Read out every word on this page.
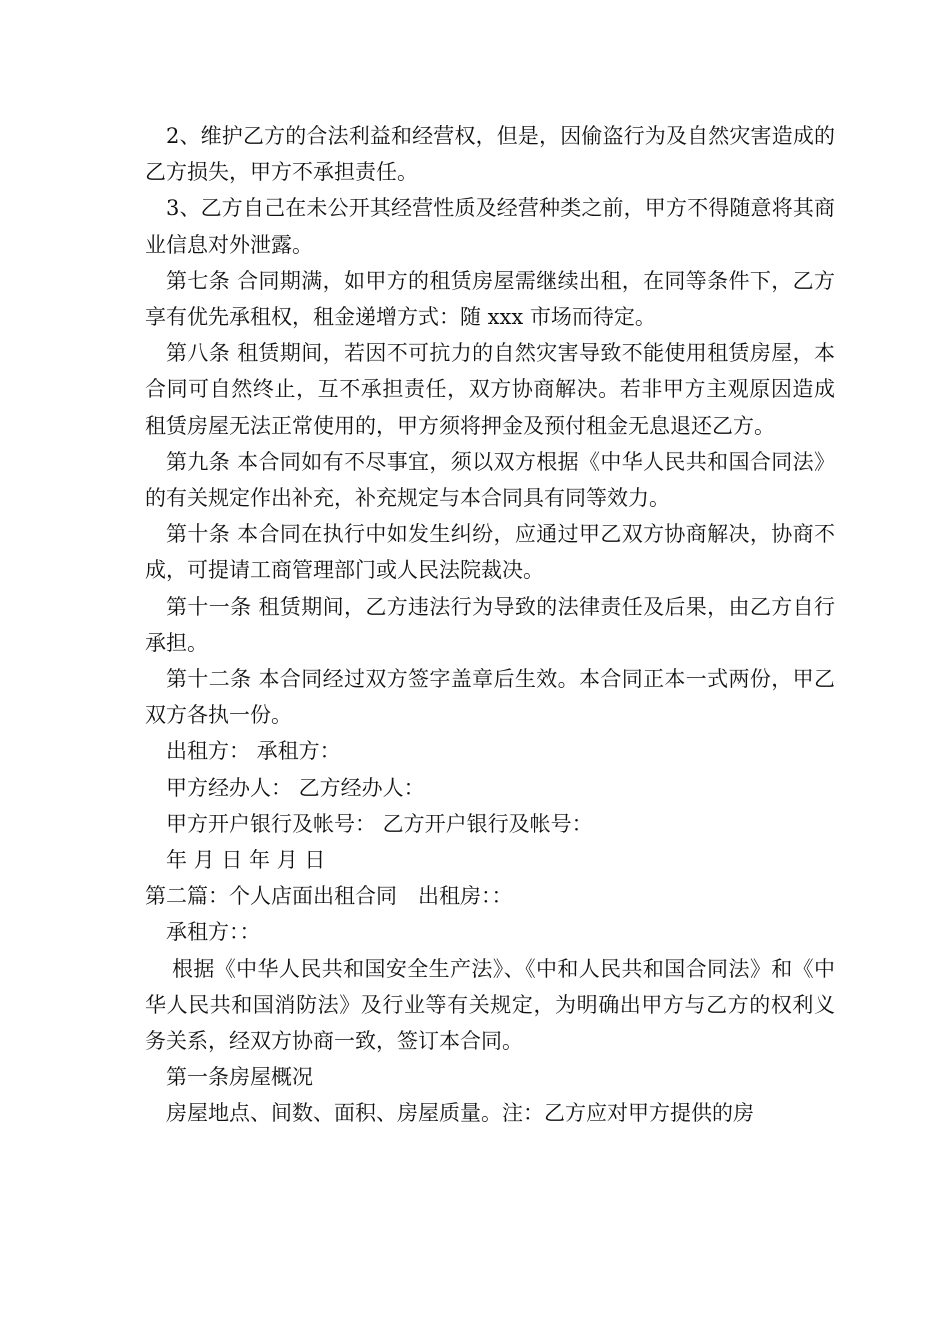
2、维护乙方的合法利益和经营权，但是，因偷盗行为及自然灾害造成的乙方损失，甲方不承担责任。

3、乙方自己在未公开其经营性质及经营种类之前，甲方不得随意将其商业信息对外泄露。

第七条 合同期满，如甲方的租赁房屋需继续出租，在同等条件下，乙方享有优先承租权，租金递增方式：随 xxx 市场而待定。

第八条 租赁期间，若因不可抗力的自然灾害导致不能使用租赁房屋，本合同可自然终止，互不承担责任，双方协商解决。若非甲方主观原因造成租赁房屋无法正常使用的，甲方须将押金及预付租金无息退还乙方。

第九条 本合同如有不尽事宜，须以双方根据《中华人民共和国合同法》的有关规定作出补充，补充规定与本合同具有同等效力。

第十条 本合同在执行中如发生纠纷，应通过甲乙双方协商解决，协商不成，可提请工商管理部门或人民法院裁决。

第十一条 租赁期间，乙方违法行为导致的法律责任及后果，由乙方自行承担。

第十二条 本合同经过双方签字盖章后生效。本合同正本一式两份，甲乙双方各执一份。

出租方： 承租方：

甲方经办人： 乙方经办人：

甲方开户银行及帐号： 乙方开户银行及帐号：

年 月 日 年 月 日

第二篇：个人店面出租合同　出租房：：

承租方：：

根据《中华人民共和国安全生产法》、《中和人民共和国合同法》和《中华人民共和国消防法》及行业等有关规定，为明确出甲方与乙方的权利义务关系，经双方协商一致，签订本合同。

第一条房屋概况

房屋地点、间数、面积、房屋质量。注：乙方应对甲方提供的房
